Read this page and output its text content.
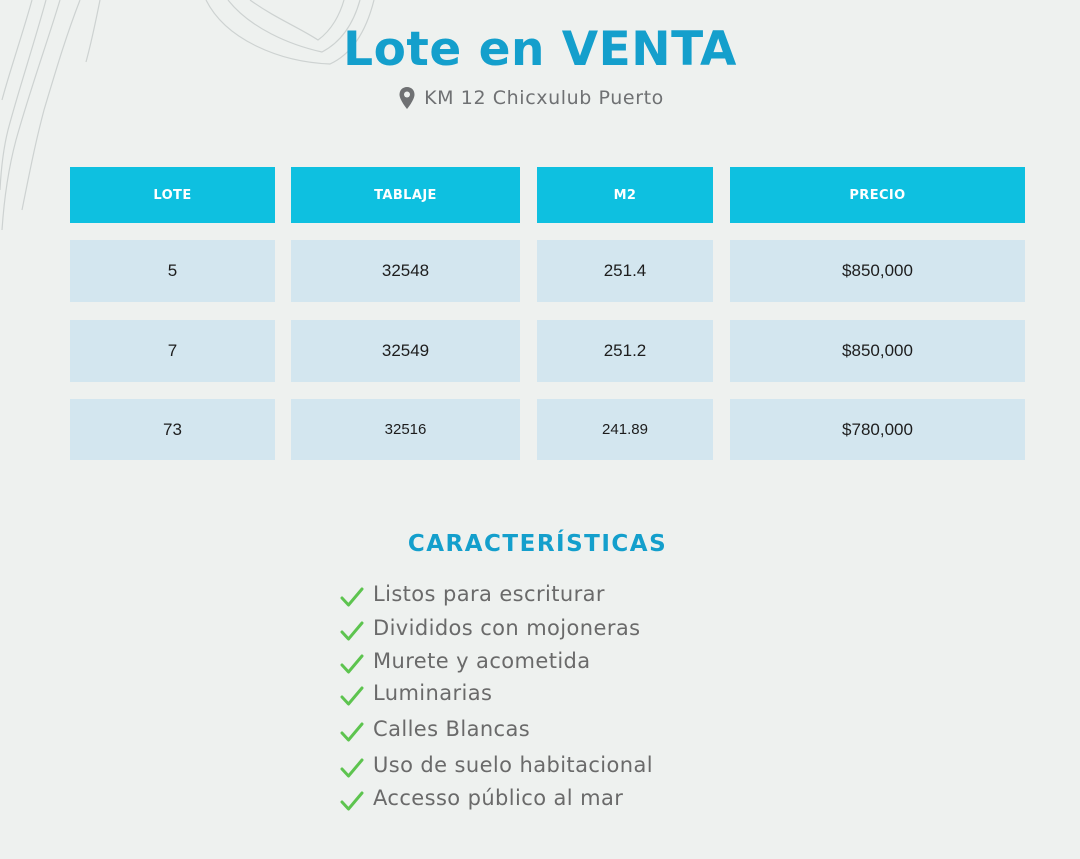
Lote en VENTA
KM 12 Chicxulub Puerto
LOTE	TABLAJE	M2	PRECIO
5	32548	251.4	$850,000
7	32549	251.2	$850,000
73	32516	241.89	$780,000
CARACTERÍSTICAS
Listos para escriturar
Divididos con mojoneras
Murete y acometida
Luminarias
Calles Blancas
Uso de suelo habitacional
Accesso público al mar
